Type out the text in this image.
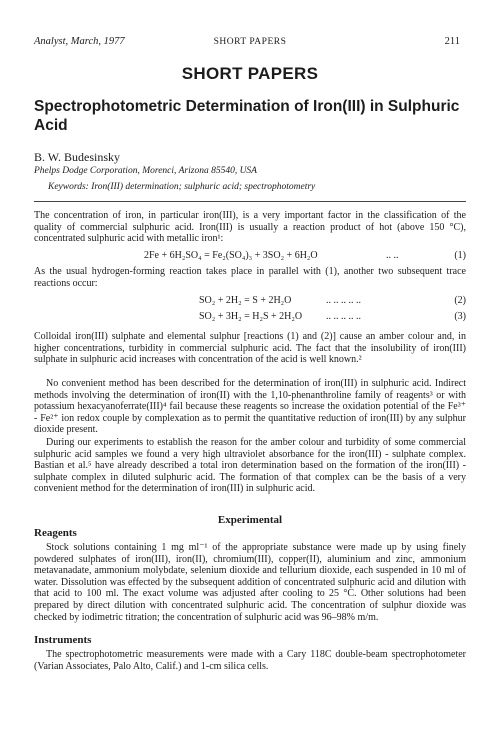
Analyst, March, 1977	SHORT PAPERS	211
SHORT PAPERS
Spectrophotometric Determination of Iron(III) in Sulphuric Acid
B. W. Budesinsky
Phelps Dodge Corporation, Morenci, Arizona 85540, USA
Keywords: Iron(III) determination; sulphuric acid; spectrophotometry

The concentration of iron, in particular iron(III), is a very important factor in the classification of the quality of commercial sulphuric acid. Iron(III) is usually a reaction product of hot (above 150 °C), concentrated sulphuric acid with metallic iron¹:

2Fe + 6H₂SO₄ = Fe₂(SO₄)₃ + 3SO₂ + 6H₂O	.. ..	(1)

As the usual hydrogen-forming reaction takes place in parallel with (1), another two subsequent trace reactions occur:

SO₂ + 2H₂ = S + 2H₂O	.. .. .. .. ..	(2)
SO₂ + 3H₂ = H₂S + 2H₂O .. .. .. .. ..	(3)

Colloidal iron(III) sulphate and elemental sulphur [reactions (1) and (2)] cause an amber colour and, in higher concentrations, turbidity in commercial sulphuric acid. The fact that the insolubility of iron(III) sulphate in sulphuric acid increases with concentration of the acid is well known.²

No convenient method has been described for the determination of iron(III) in sulphuric acid. Indirect methods involving the determination of iron(II) with the 1,10-phenanthroline family of reagents³ or with potassium hexacyanoferrate(III)⁴ fail because these reagents so increase the oxidation potential of the Fe³⁺ - Fe²⁺ ion redox couple by complexation as to permit the quantitative reduction of iron(III) by any sulphur dioxide present.

During our experiments to establish the reason for the amber colour and turbidity of some commercial sulphuric acid samples we found a very high ultraviolet absorbance for the iron(III) - sulphate complex. Bastian et al.⁵ have already described a total iron determination based on the formation of the iron(III) - sulphate complex in diluted sulphuric acid. The formation of that complex can be the basis of a very convenient method for the determination of iron(III) in sulphuric acid.

Experimental
Reagents

Stock solutions containing 1 mg ml⁻¹ of the appropriate substance were made up by using finely powdered sulphates of iron(III), iron(II), chromium(III), copper(II), aluminium and zinc, ammonium metavanadate, ammonium molybdate, selenium dioxide and tellurium dioxide, each suspended in 10 ml of water. Dissolution was effected by the subsequent addition of concentrated sulphuric acid and dilution with that acid to 100 ml. The exact volume was adjusted after cooling to 25 °C. Other solutions had been prepared by direct dilution with concentrated sulphuric acid. The concentration of sulphur dioxide was checked by iodimetric titration; the concentration of sulphuric acid was 96–98% m/m.

Instruments

The spectrophotometric measurements were made with a Cary 118C double-beam spectrophotometer (Varian Associates, Palo Alto, Calif.) and 1-cm silica cells.
